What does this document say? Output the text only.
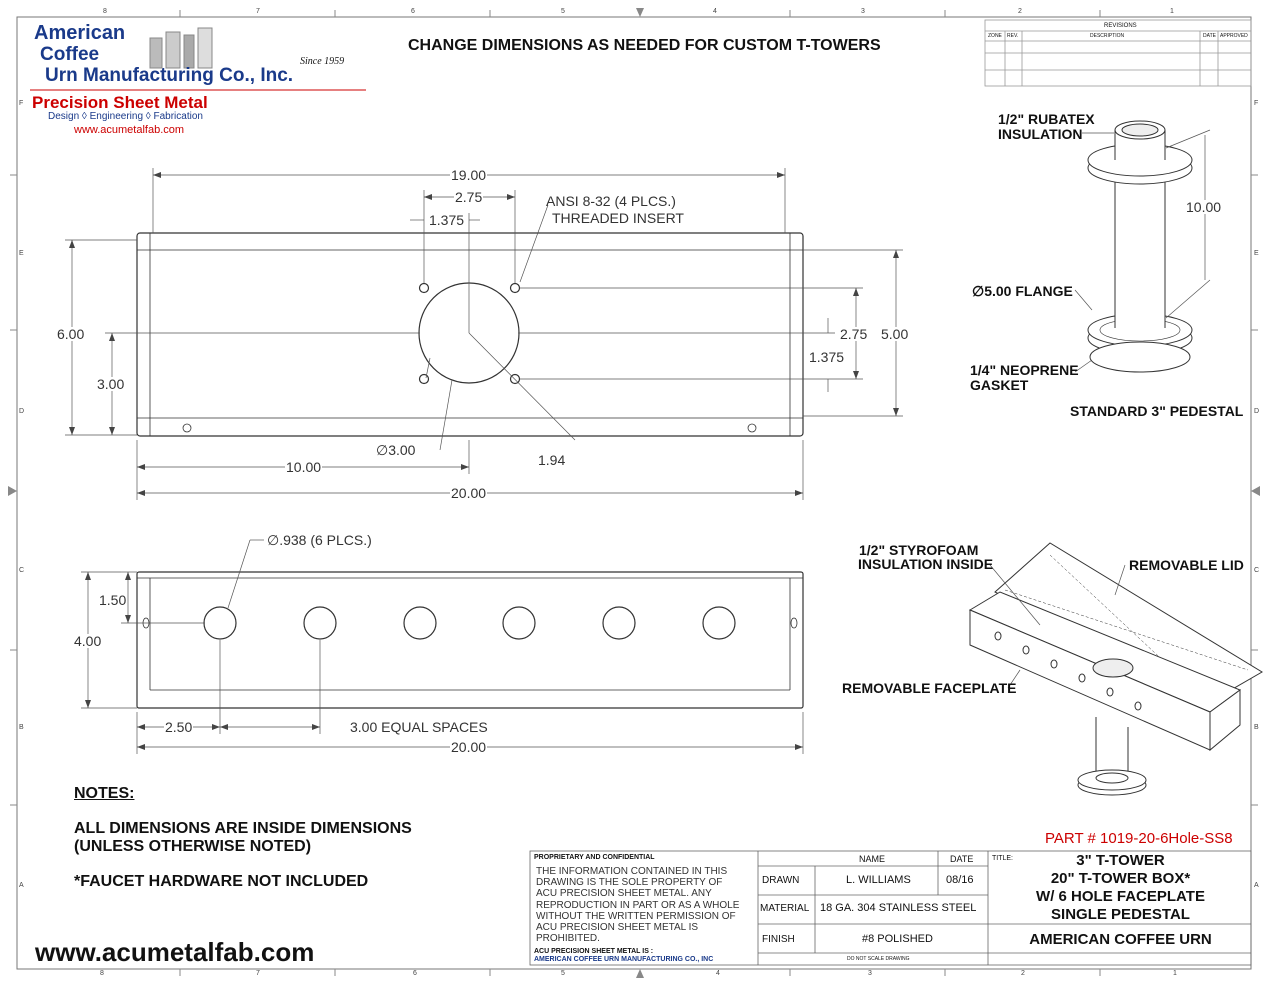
8	7	6	5	4	3	2	1
8	7	6	5	4	3	2	1
F
E
D
C
B
A
F
E
D
C
B
A
American
Coffee
Urn Manufacturing Co., Inc.
Since 1959
Precision Sheet Metal
Design ◊ Engineering ◊ Fabrication
www.acumetalfab.com
CHANGE DIMENSIONS AS NEEDED FOR CUSTOM T-TOWERS
REVISIONS
ZONE REV.	DESCRIPTION	DATE APPROVED
19.00
2.75
1.375
ANSI 8-32 (4 PLCS.)
THREADED INSERT
6.00
3.00
5.00
2.75
1.375
10.00
20.00
∅3.00
1.94
∅.938 (6 PLCS.)
1.50
4.00
2.50	3.00 EQUAL SPACES
20.00
1/2" RUBATEX
INSULATION
10.00
∅5.00 FLANGE
1/4" NEOPRENE
GASKET
STANDARD 3" PEDESTAL
1/2" STYROFOAM
INSULATION INSIDE	REMOVABLE LID
REMOVABLE FACEPLATE
NOTES:
ALL DIMENSIONS ARE INSIDE DIMENSIONS
(UNLESS OTHERWISE NOTED)
*FAUCET HARDWARE NOT INCLUDED
www.acumetalfab.com
PART # 1019-20-6Hole-SS8
PROPRIETARY AND CONFIDENTIAL
THE INFORMATION CONTAINED IN THIS
DRAWING IS THE SOLE PROPERTY OF
ACU PRECISION SHEET METAL. ANY
REPRODUCTION IN PART OR AS A WHOLE
WITHOUT THE WRITTEN PERMISSION OF
ACU PRECISION SHEET METAL IS
PROHIBITED.
ACU PRECISION SHEET METAL IS :
AMERICAN COFFEE URN MANUFACTURING CO., INC
NAME	DATE	TITLE:
DRAWN	L. WILLIAMS	08/16
MATERIAL 18 GA. 304 STAINLESS STEEL
FINISH	#8 POLISHED
DO NOT SCALE DRAWING
3" T-TOWER
20" T-TOWER BOX*
W/ 6 HOLE FACEPLATE
SINGLE PEDESTAL
AMERICAN COFFEE URN
